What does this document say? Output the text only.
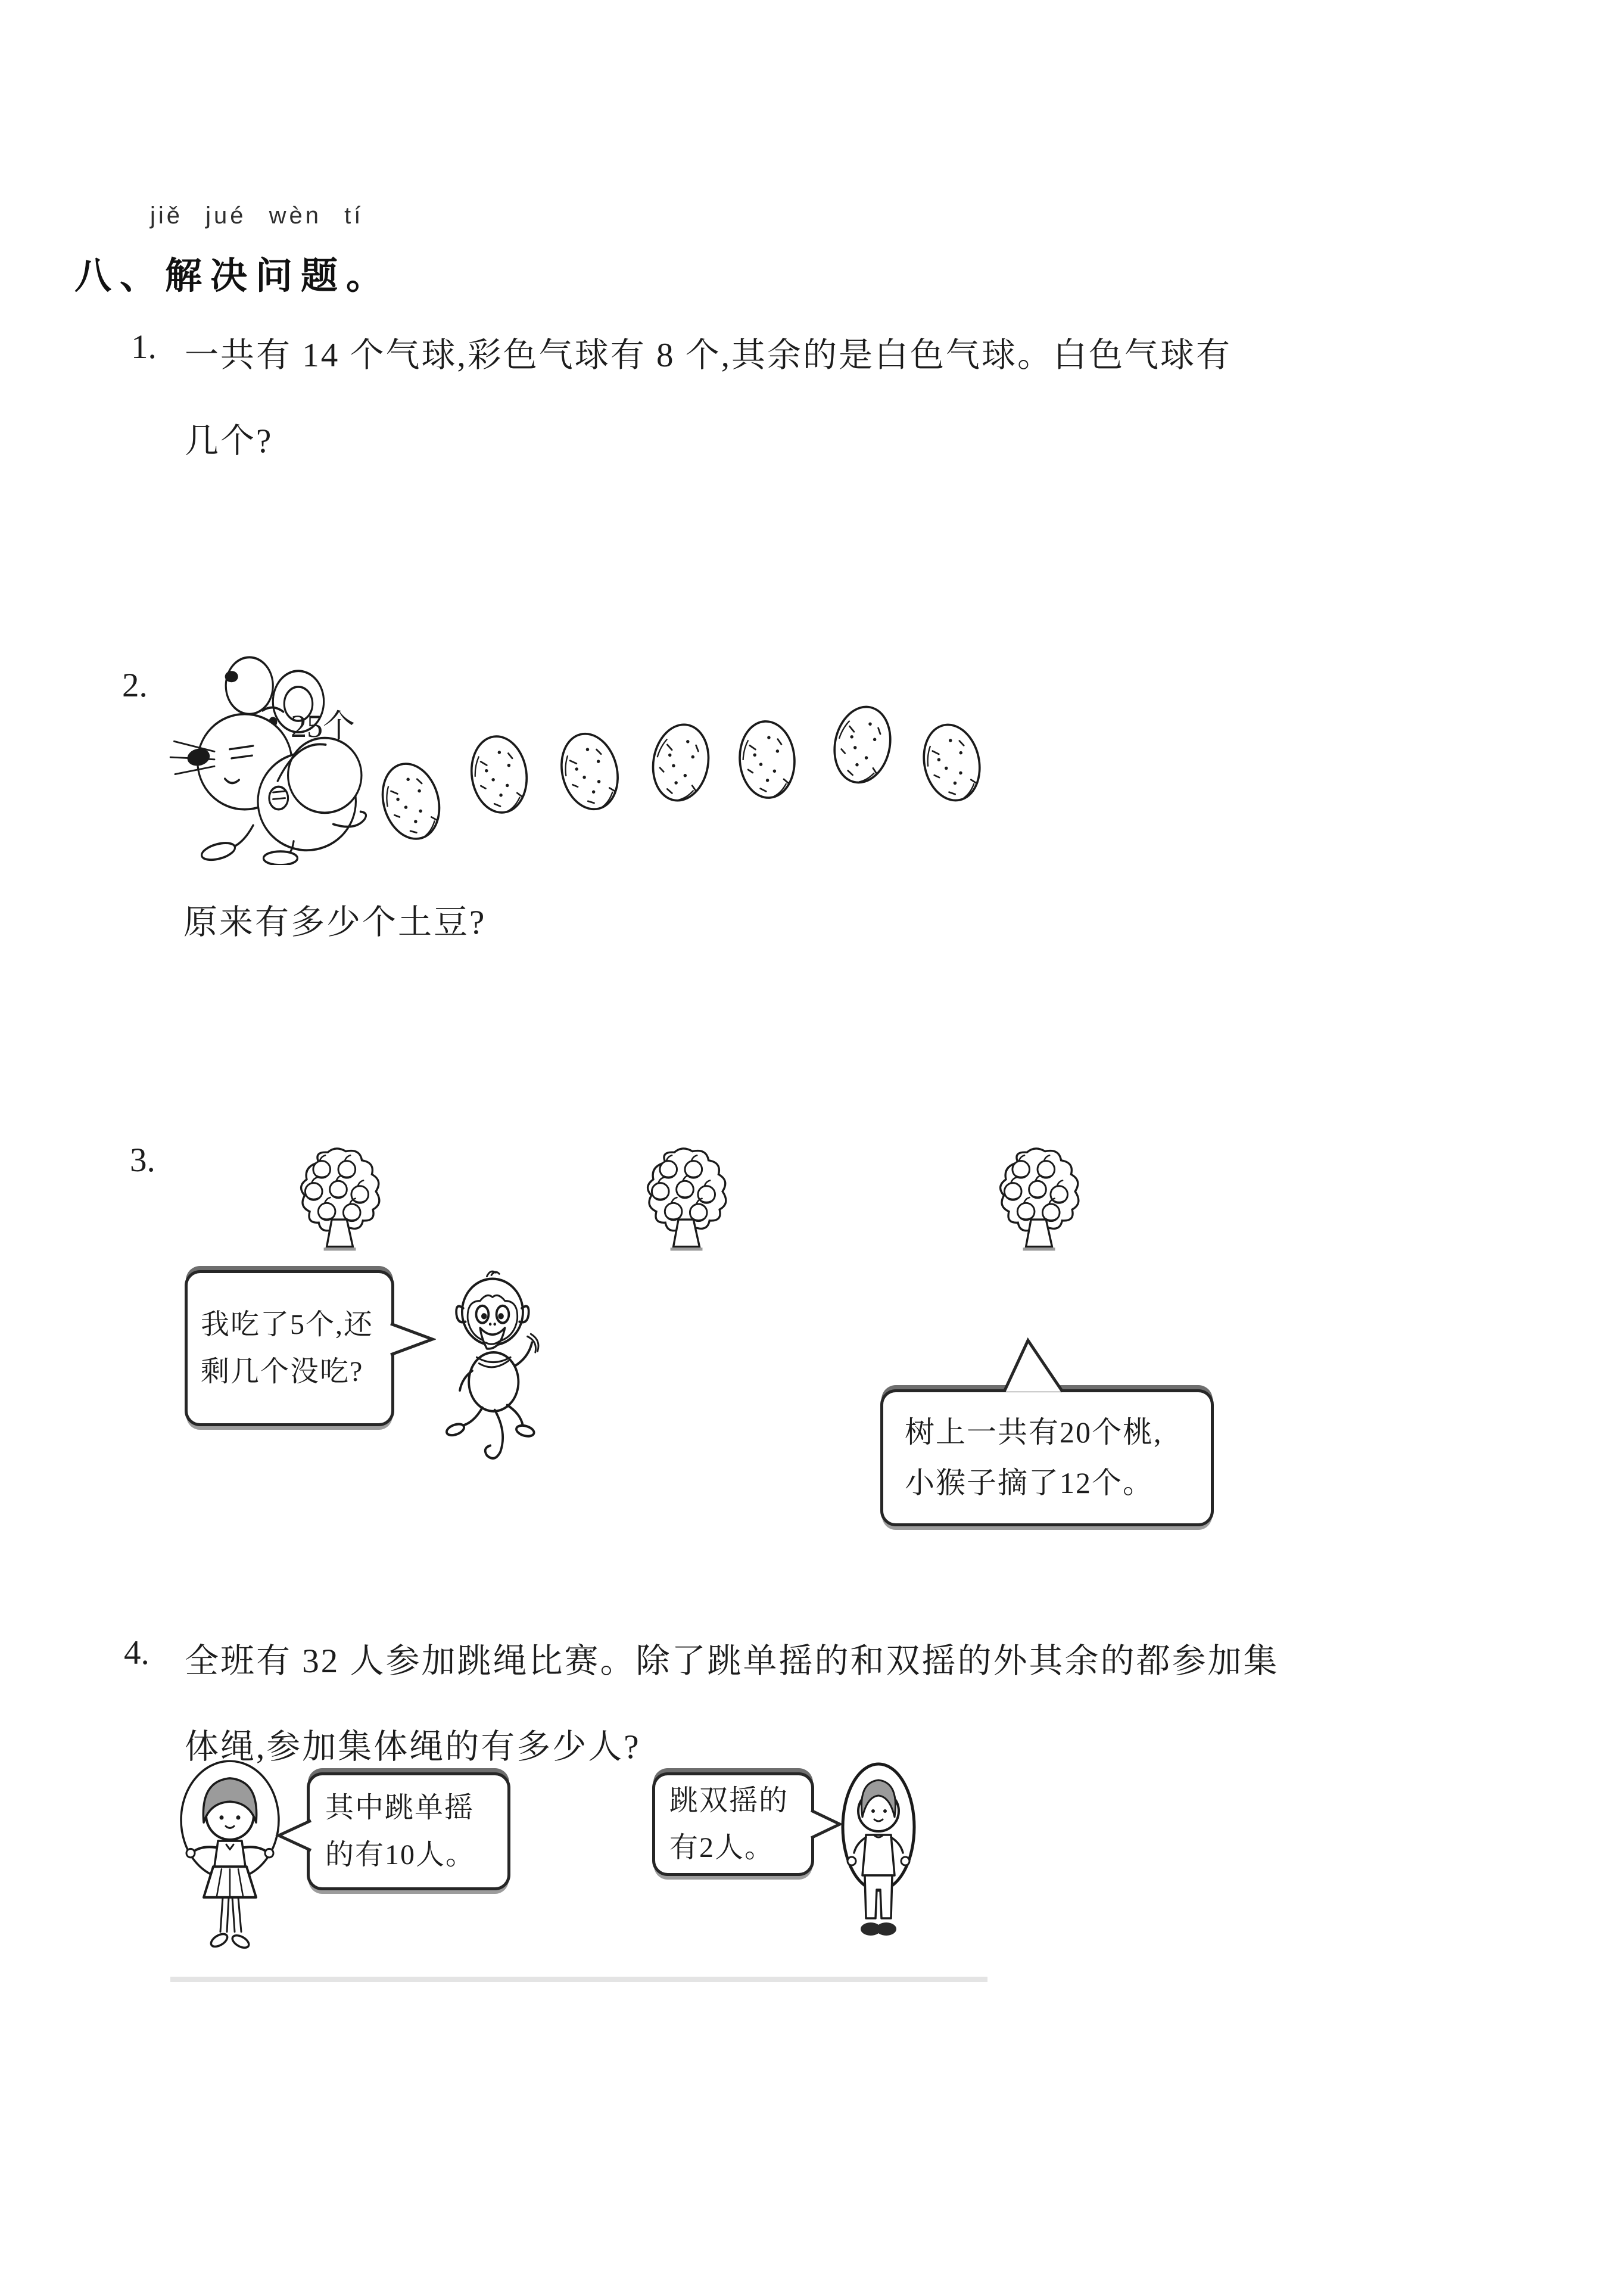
jiě jué wèn tí
八、解决问题。
1. 一共有 14 个气球,彩色气球有 8 个,其余的是白色气球。白色气球有
几个?
2.
25个
原来有多少个土豆?
3.
我吃了5个,还
剩几个没吃?
树上一共有20个桃,
小猴子摘了12个。
4. 全班有 32 人参加跳绳比赛。除了跳单摇的和双摇的外其余的都参加集
体绳,参加集体绳的有多少人?
其中跳单摇
的有10人。
跳双摇的
有2人。
